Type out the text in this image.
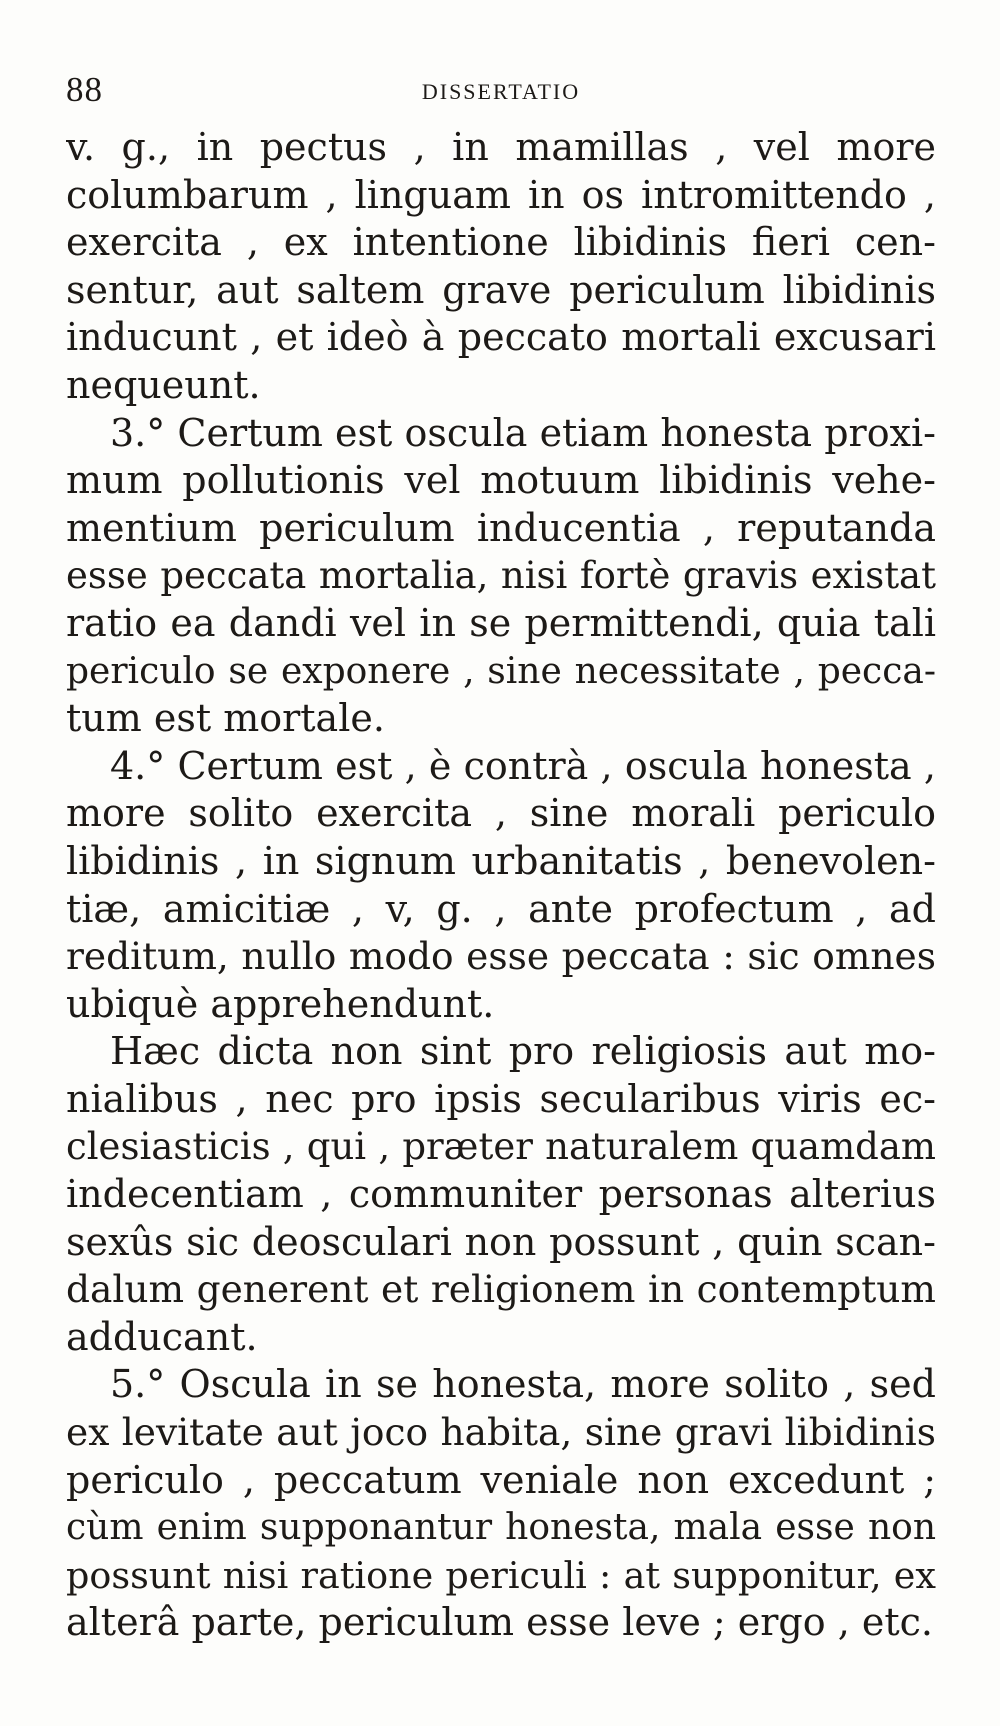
88	DISSERTATIO
v. g., in pectus , in mamillas , vel more
columbarum , linguam in os intromittendo ,
exercita , ex intentione libidinis fieri cen-
sentur, aut saltem grave periculum libidinis
inducunt , et ideò à peccato mortali excusari
nequeunt.
3.° Certum est oscula etiam honesta proxi-
mum pollutionis vel motuum libidinis vehe-
mentium periculum inducentia , reputanda
esse peccata mortalia, nisi fortè gravis existat
ratio ea dandi vel in se permittendi, quia tali
periculo se exponere , sine necessitate , pecca-
tum est mortale.
4.° Certum est , è contrà , oscula honesta ,
more solito exercita , sine morali periculo
libidinis , in signum urbanitatis , benevolen-
tiæ, amicitiæ , v, g. , ante profectum , ad
reditum, nullo modo esse peccata : sic omnes
ubiquè apprehendunt.
Hæc dicta non sint pro religiosis aut mo-
nialibus , nec pro ipsis secularibus viris ec-
clesiasticis , qui , præter naturalem quamdam
indecentiam , communiter personas alterius
sexûs sic deosculari non possunt , quin scan-
dalum generent et religionem in contemptum
adducant.
5.° Oscula in se honesta, more solito , sed
ex levitate aut joco habita, sine gravi libidinis
periculo , peccatum veniale non excedunt ;
cùm enim supponantur honesta, mala esse non
possunt nisi ratione periculi : at supponitur, ex
alterâ parte, periculum esse leve ; ergo , etc.
